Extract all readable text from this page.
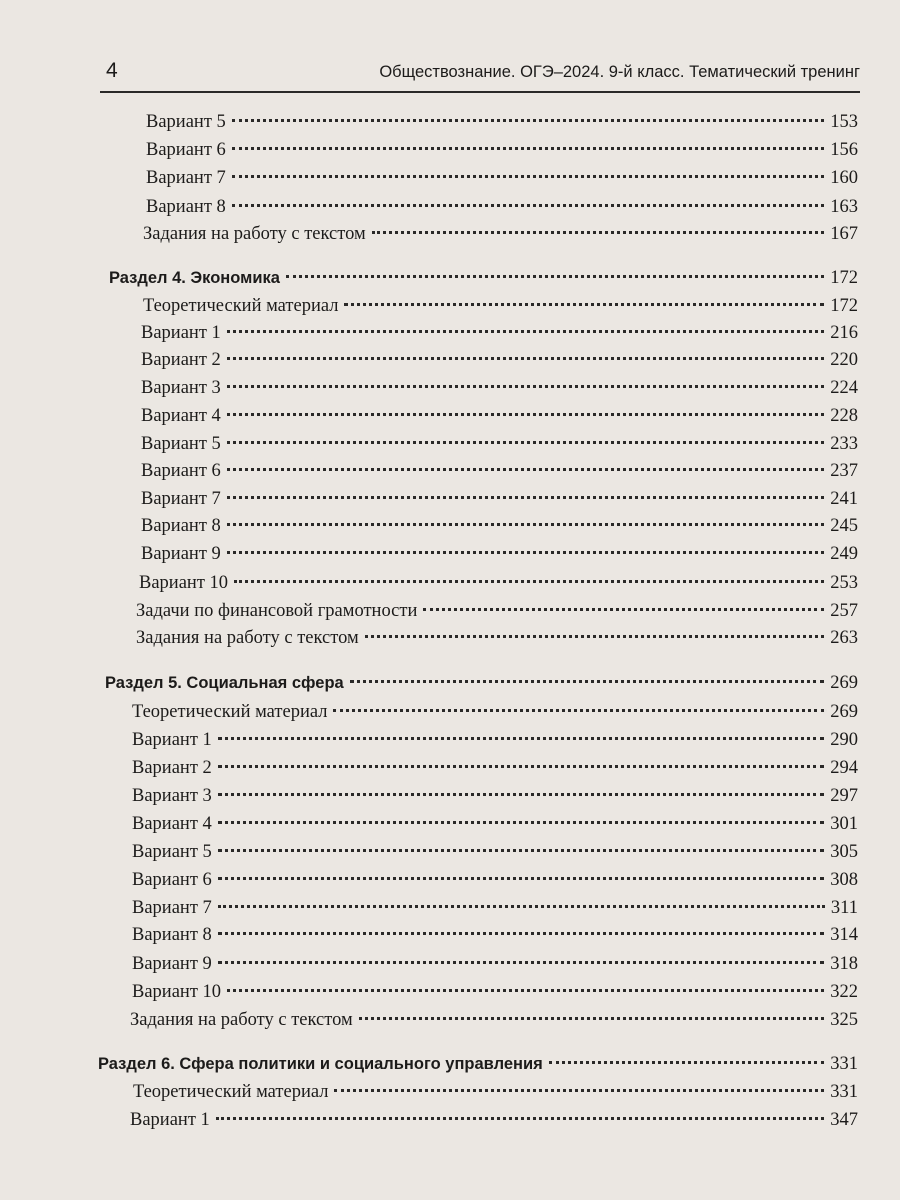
4	Обществознание. ОГЭ–2024. 9-й класс. Тематический тренинг
Вариант 5	153
Вариант 6	156
Вариант 7	160
Вариант 8	163
Задания на работу с текстом	167
Раздел 4. Экономика	172
Теоретический материал	172
Вариант 1	216
Вариант 2	220
Вариант 3	224
Вариант 4	228
Вариант 5	233
Вариант 6	237
Вариант 7	241
Вариант 8	245
Вариант 9	249
Вариант 10	253
Задачи по финансовой грамотности	257
Задания на работу с текстом	263
Раздел 5. Социальная сфера	269
Теоретический материал	269
Вариант 1	290
Вариант 2	294
Вариант 3	297
Вариант 4	301
Вариант 5	305
Вариант 6	308
Вариант 7	311
Вариант 8	314
Вариант 9	318
Вариант 10	322
Задания на работу с текстом	325
Раздел 6. Сфера политики и социального управления	331
Теоретический материал	331
Вариант 1	347
